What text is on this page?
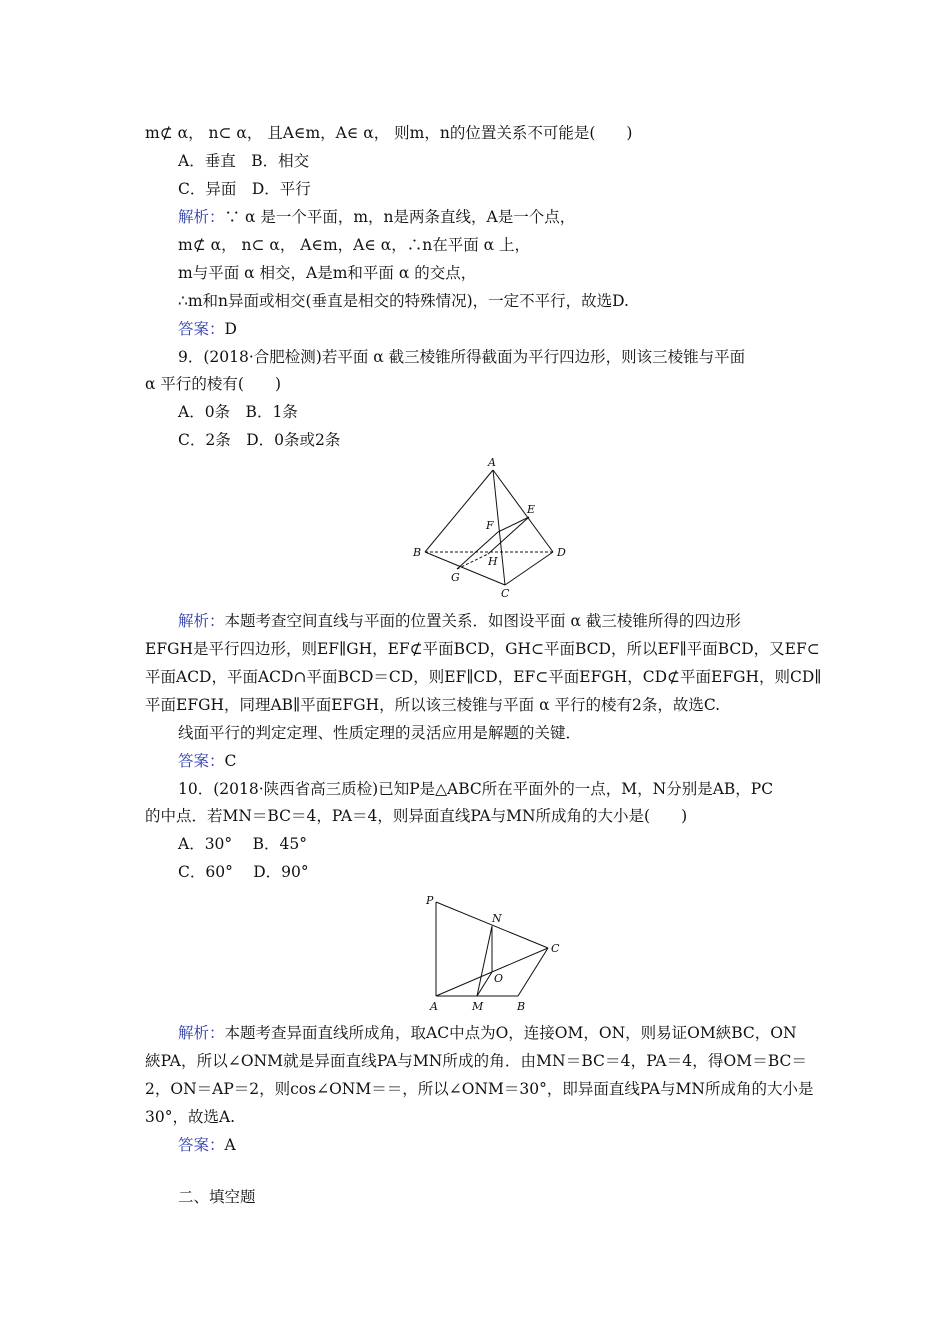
m⊄ α， n⊂ α， 且A∈m，A∈ α， 则m，n的位置关系不可能是(　　)
A．垂直　B．相交
C．异面　D．平行
解析：∵ α 是一个平面，m，n是两条直线，A是一个点，
m⊄ α， n⊂ α， A∈m，A∈ α，∴n在平面 α 上，
m与平面 α 相交，A是m和平面 α 的交点，
∴m和n异面或相交(垂直是相交的特殊情况)，一定不平行，故选D.
答案：D
9．(2018·合肥检测)若平面 α 截三棱锥所得截面为平行四边形，则该三棱锥与平面
α 平行的棱有(　　)
A．0条　B．1条
C．2条　D．0条或2条
A
B
C
D
E
F
G
H
解析：本题考查空间直线与平面的位置关系．如图设平面 α 截三棱锥所得的四边形
EFGH是平行四边形，则EF∥GH，EF⊄平面BCD，GH⊂平面BCD，所以EF∥平面BCD，又EF⊂
平面ACD，平面ACD∩平面BCD＝CD，则EF∥CD，EF⊂平面EFGH，CD⊄平面EFGH，则CD∥
平面EFGH，同理AB∥平面EFGH，所以该三棱锥与平面 α 平行的棱有2条，故选C.
线面平行的判定定理、性质定理的灵活应用是解题的关键．
答案：C
10．(2018·陕西省高三质检)已知P是△ABC所在平面外的一点，M，N分别是AB，PC
的中点．若MN＝BC＝4，PA＝4，则异面直线PA与MN所成角的大小是(　　)
A．30°　 B．45°
C．60°　 D．90°
P
N
C
O
A	M	B
解析：本题考查异面直线所成角，取AC中点为O，连接OM，ON，则易证OM綊BC，ON
綊PA，所以∠ONM就是异面直线PA与MN所成的角．由MN＝BC＝4，PA＝4，得OM＝BC＝
2，ON＝AP＝2，则cos∠ONM＝＝，所以∠ONM＝30°，即异面直线PA与MN所成角的大小是
30°，故选A.
答案：A
二、填空题
